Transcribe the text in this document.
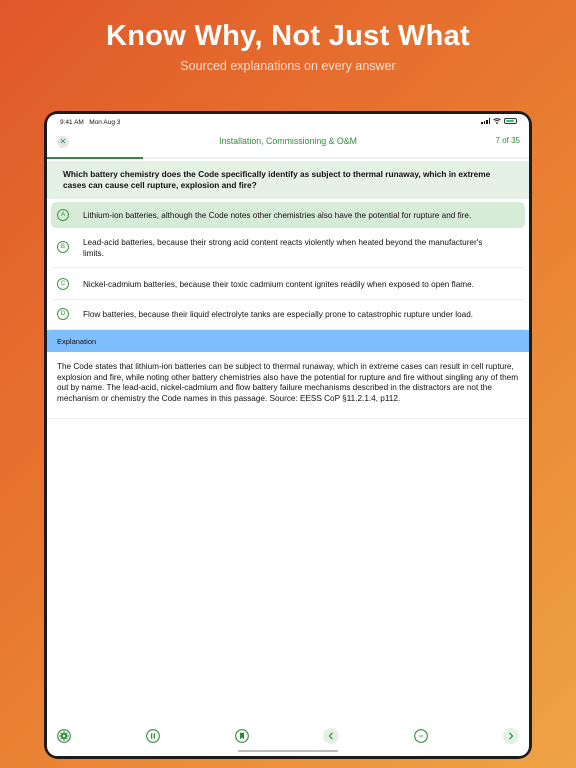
Know Why, Not Just What
Sourced explanations on every answer
9:41 AM Mon Aug 3
✕	Installation, Commissioning & O&M	7 of 35
Which battery chemistry does the Code specifically identify as subject to thermal runaway, which in extreme cases can cause cell rupture, explosion and fire?
A	Lithium-ion batteries, although the Code notes other chemistries also have the potential for rupture and fire.
B	Lead-acid batteries, because their strong acid content reacts violently when heated beyond the manufacturer's limits.
C	Nickel-cadmium batteries, because their toxic cadmium content ignites readily when exposed to open flame.
D	Flow batteries, because their liquid electrolyte tanks are especially prone to catastrophic rupture under load.
Explanation
The Code states that lithium-ion batteries can be subject to thermal runaway, which in extreme cases can result in cell rupture, explosion and fire, while noting other battery chemistries also have the potential for rupture and fire without singling any of them out by name. The lead-acid, nickel-cadmium and flow battery failure mechanisms described in the distractors are not the mechanism or chemistry the Code names in this passage. Source: EESS CoP §11.2.1.4, p112.
00
